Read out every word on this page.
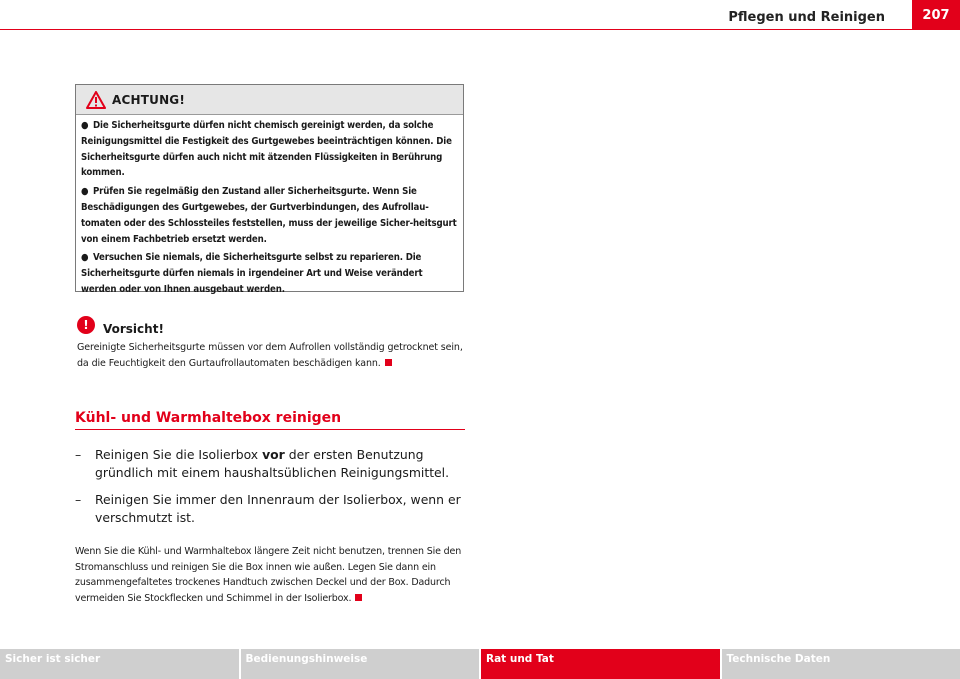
Pflegen und Reinigen	207
ACHTUNG!
● Die Sicherheitsgurte dürfen nicht chemisch gereinigt werden, da solche Reinigungsmittel die Festigkeit des Gurtgewebes beeinträchtigen können. Die Sicherheitsgurte dürfen auch nicht mit ätzenden Flüssigkeiten in Berührung kommen.
● Prüfen Sie regelmäßig den Zustand aller Sicherheitsgurte. Wenn Sie Beschädigungen des Gurtgewebes, der Gurtverbindungen, des Aufrollau-tomaten oder des Schlossteiles feststellen, muss der jeweilige Sicher-heitsgurt von einem Fachbetrieb ersetzt werden.
● Versuchen Sie niemals, die Sicherheitsgurte selbst zu reparieren. Die Sicherheitsgurte dürfen niemals in irgendeiner Art und Weise verändert werden oder von Ihnen ausgebaut werden.
!	Vorsicht!
Gereinigte Sicherheitsgurte müssen vor dem Aufrollen vollständig getrocknet sein, da die Feuchtigkeit den Gurtaufrollautomaten beschädigen kann.
Kühl- und Warmhaltebox reinigen
–	Reinigen Sie die Isolierbox vor der ersten Benutzung gründlich mit einem haushaltsüblichen Reinigungsmittel.
–	Reinigen Sie immer den Innenraum der Isolierbox, wenn er verschmutzt ist.
Wenn Sie die Kühl- und Warmhaltebox längere Zeit nicht benutzen, trennen Sie den Stromanschluss und reinigen Sie die Box innen wie außen. Legen Sie dann ein zusammengefaltetes trockenes Handtuch zwischen Deckel und der Box. Dadurch vermeiden Sie Stockflecken und Schimmel in der Isolierbox.
Sicher ist sicher	Bedienungshinweise	Rat und Tat	Technische Daten
